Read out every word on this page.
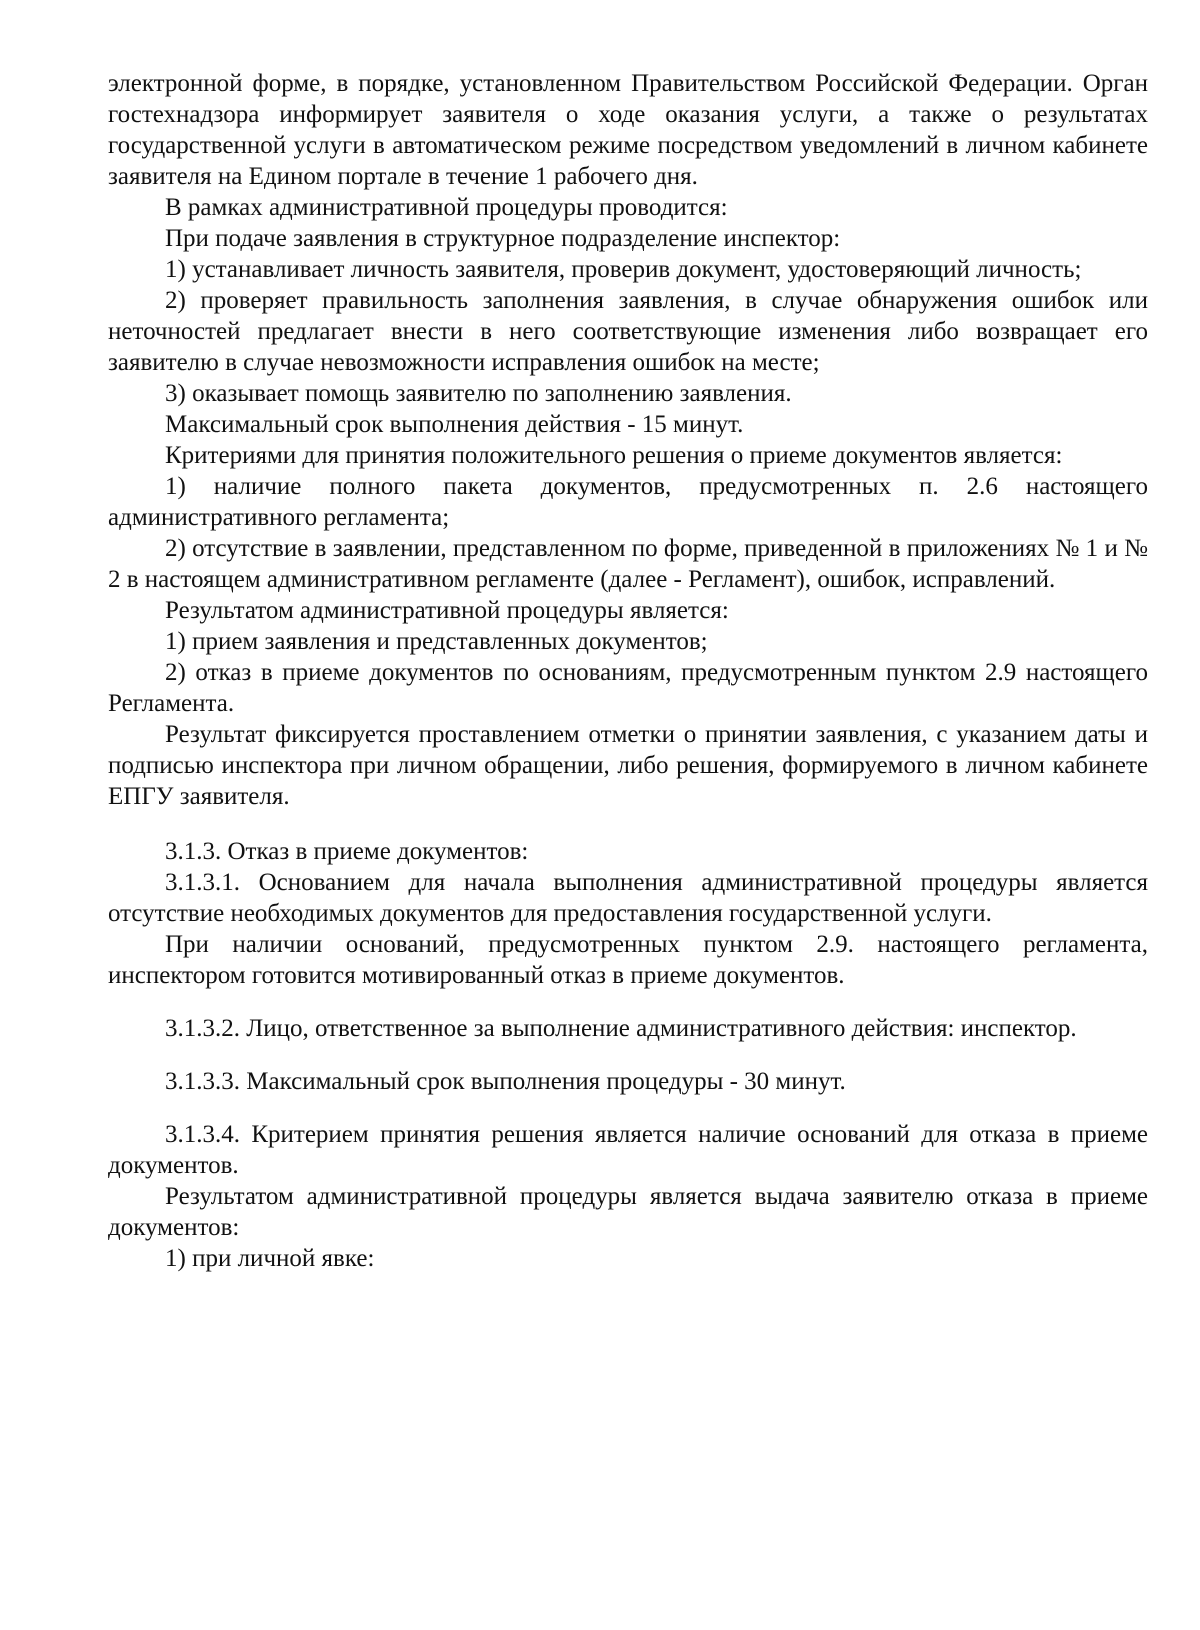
электронной форме, в порядке, установленном Правительством Российской Федерации. Орган гостехнадзора информирует заявителя о ходе оказания услуги, а также о результатах государственной услуги в автоматическом режиме посредством уведомлений в личном кабинете заявителя на Едином портале в течение 1 рабочего дня.

В рамках административной процедуры проводится:

При подаче заявления в структурное подразделение инспектор:

1) устанавливает личность заявителя, проверив документ, удостоверяющий личность;

2) проверяет правильность заполнения заявления, в случае обнаружения ошибок или неточностей предлагает внести в него соответствующие изменения либо возвращает его заявителю в случае невозможности исправления ошибок на месте;

3) оказывает помощь заявителю по заполнению заявления.

Максимальный срок выполнения действия - 15 минут.

Критериями для принятия положительного решения о приеме документов является:

1) наличие полного пакета документов, предусмотренных п. 2.6 настоящего административного регламента;

2) отсутствие в заявлении, представленном по форме, приведенной в приложениях № 1 и № 2 в настоящем административном регламенте (далее - Регламент), ошибок, исправлений.

Результатом административной процедуры является:

1) прием заявления и представленных документов;

2) отказ в приеме документов по основаниям, предусмотренным пунктом 2.9 настоящего Регламента.

Результат фиксируется проставлением отметки о принятии заявления, с указанием даты и подписью инспектора при личном обращении, либо решения, формируемого в личном кабинете ЕПГУ заявителя.

3.1.3. Отказ в приеме документов:

3.1.3.1. Основанием для начала выполнения административной процедуры является отсутствие необходимых документов для предоставления государственной услуги.

При наличии оснований, предусмотренных пунктом 2.9. настоящего регламента, инспектором готовится мотивированный отказ в приеме документов.

3.1.3.2. Лицо, ответственное за выполнение административного действия: инспектор.

3.1.3.3. Максимальный срок выполнения процедуры - 30 минут.

3.1.3.4. Критерием принятия решения является наличие оснований для отказа в приеме документов.

Результатом административной процедуры является выдача заявителю отказа в приеме документов:

1) при личной явке:
